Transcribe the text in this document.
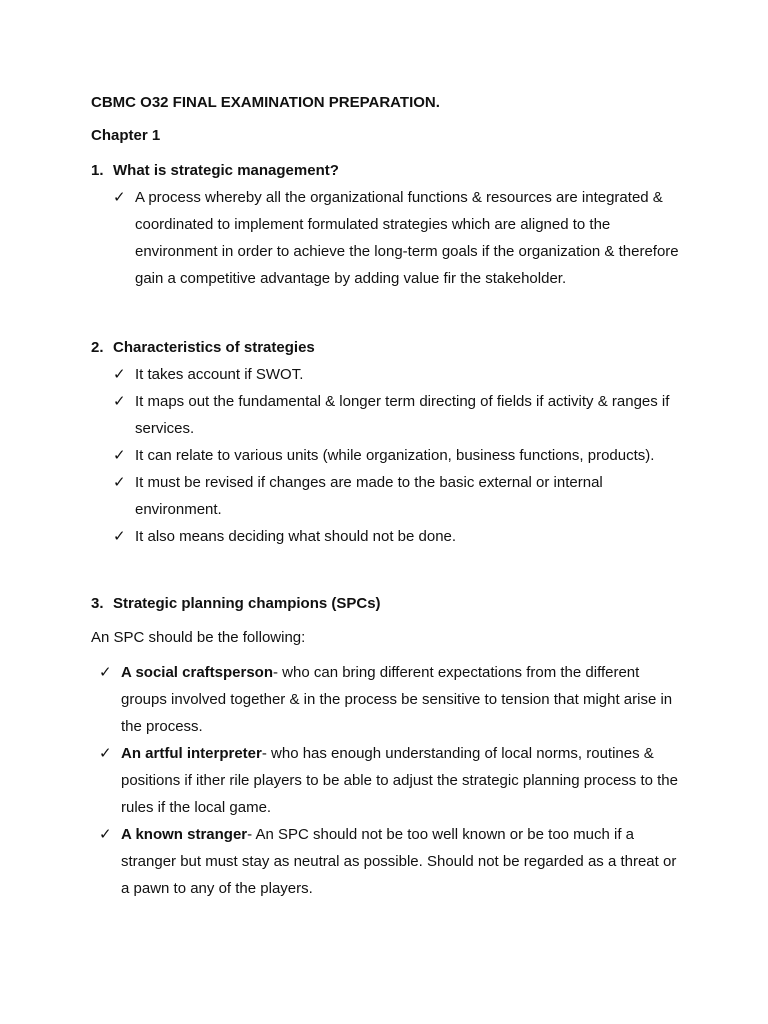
CBMC O32 FINAL EXAMINATION PREPARATION.
Chapter 1
1. What is strategic management?
✓ A process whereby all the organizational functions & resources are integrated & coordinated to implement formulated strategies which are aligned to the environment in order to achieve the long-term goals if the organization & therefore gain a competitive advantage by adding value fir the stakeholder.
2. Characteristics of strategies
✓ It takes account if SWOT.
✓ It maps out the fundamental & longer term directing of fields if activity & ranges if services.
✓ It can relate to various units (while organization, business functions, products).
✓ It must be revised if changes are made to the basic external or internal environment.
✓ It also means deciding what should not be done.
3. Strategic planning champions (SPCs)
An SPC should be the following:
✓ A social craftsperson- who can bring different expectations from the different groups involved together & in the process be sensitive to tension that might arise in the process.
✓ An artful interpreter- who has enough understanding of local norms, routines & positions if ither rile players to be able to adjust the strategic planning process to the rules if the local game.
✓ A known stranger- An SPC should not be too well known or be too much if a stranger but must stay as neutral as possible. Should not be regarded as a threat or a pawn to any of the players.
